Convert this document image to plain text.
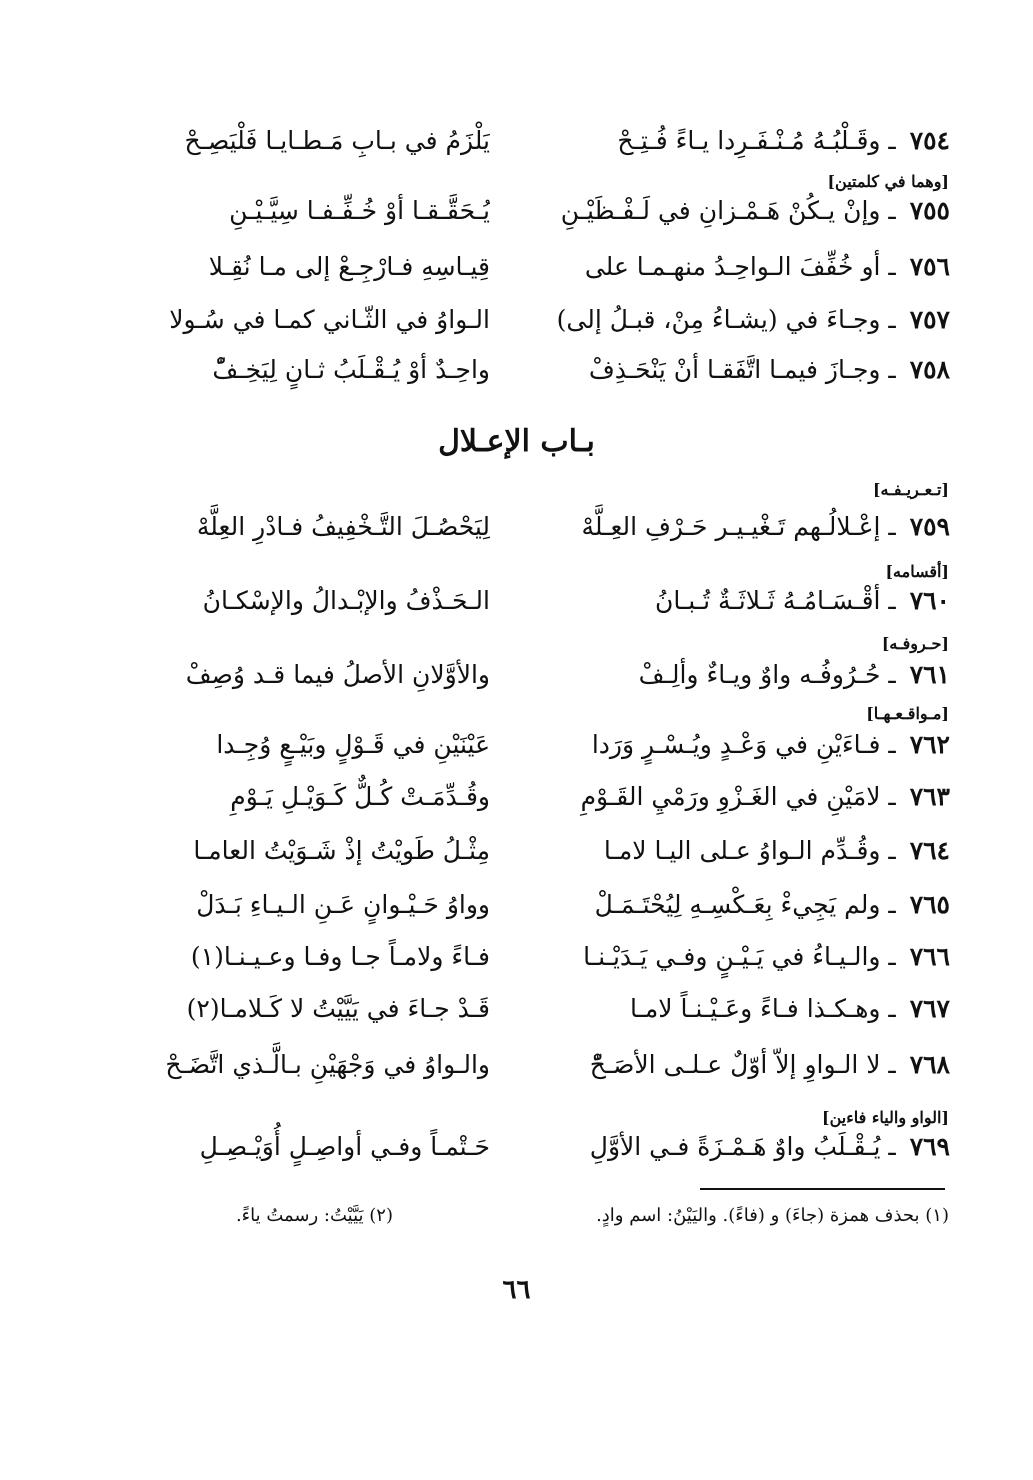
٧٥٤ ـ وقَـلْبُـهُ مُـنْـفَـرِدا يـاءً فُـتِـحْ
يَلْزَمُ في بـابِ مَـطـايـا فَلْيَصِـحْ
[وهما في كلمتين]
٧٥٥ ـ وإنْ يـكُنْ هَـمْـزانِ في لَـفْـظَيْـنِ
يُـحَقَّـقـا أوْ خُـفِّـفـا سِيَّـيْـنِ
٧٥٦ ـ أو خُفِّفَ الـواحِـدُ منهـمـا على
قِيـاسِهِ فـارْجِـعْ إلى مـا نُقِـلا
٧٥٧ ـ وجـاءَ في (يشـاءُ مِنْ، قبـلُ إلى)
الـواوُ في الثّـاني كمـا في سُـولا
٧٥٨ ـ وجـازَ فيمـا اتَّفَقـا أنْ يَنْحَـذِفْ
واحِـدٌ أوْ يُـقْـلَبُ ثـانٍ لِيَخِـفّْ
بـاب الإعـلال
[تـعـريـفـه]
٧٥٩ ـ إعْـلالُـهم تَـغْيـيـر حَـرْفِ العِـلَّهْ
لِيَحْصُـلَ التَّـخْفِيفُ فـادْرِ العِلَّهْ
[أقسامه]
٧٦٠ ـ أقْـسَـامُـهُ ثَـلاثَـةٌ تُـبـانُ
الـحَـذْفُ والإبْـدالُ والإسْكـانُ
[حـروفـه]
٧٦١ ـ حُـرُوفُـه واوٌ ويـاءٌ وألِـفْ
والأوَّلانِ الأصلُ فيما قـد وُصِفْ
[مـواقـعـهـا]
٧٦٢ ـ فـاءَيْنِ في وَعْـدٍ ويُـسْـرٍ وَرَدا
عَيْنَيْنِ في قَـوْلٍ وبَيْـعٍ وُجِـدا
٧٦٣ ـ لامَيْنِ في الغَـزْوِ ورَمْيِ القَـوْمِ
وقُـدِّمَـتْ كُـلٌّ كَـوَيْـلِ يَـوْمِ
٧٦٤ ـ وقُـدِّم الـواوُ عـلى اليـا لامـا
مِثْـلُ طَويْتُ إذْ شَـوَيْتُ العامـا
٧٦٥ ـ ولم يَجِيءْ بِعَـكْسِـهِ لِيُحْتَـمَـلْ
وواوُ حَـيْـوانٍ عَـنِ الـيـاءِ بَـدَلْ
٧٦٦ ـ والـيـاءُ في يَـيْـنٍ وفـي يَـدَيْـنـا
فـاءً ولامـاً جـا وفـا وعـيـنـا(١)
٧٦٧ ـ وهـكـذا فـاءً وعَـيْـنـاً لامـا
قَـدْ جـاءَ في يَيَّيْتُ لا كَـلامـا(٢)
٧٦٨ ـ لا الـواوِ إلاّ أوّلٌ عـلـى الأصَـحّْ
والـواوُ في وَجْهَيْنِ بـالَّـذي اتَّضَـحْ
[الواو والياء فاءين]
٧٦٩ ـ يُـقْـلَبُ واوٌ هَـمْـزَةً فـي الأوَّلِ
حَـتْمـاً وفـي أواصِـلٍ أُوَيْـصِـلِ
(١) بحذف همزة (جاءَ) و (فاءً). واليَيْنُ: اسم وادٍ.
(٢) يَيَّيْتُ: رسمتُ ياءً.
٦٦
